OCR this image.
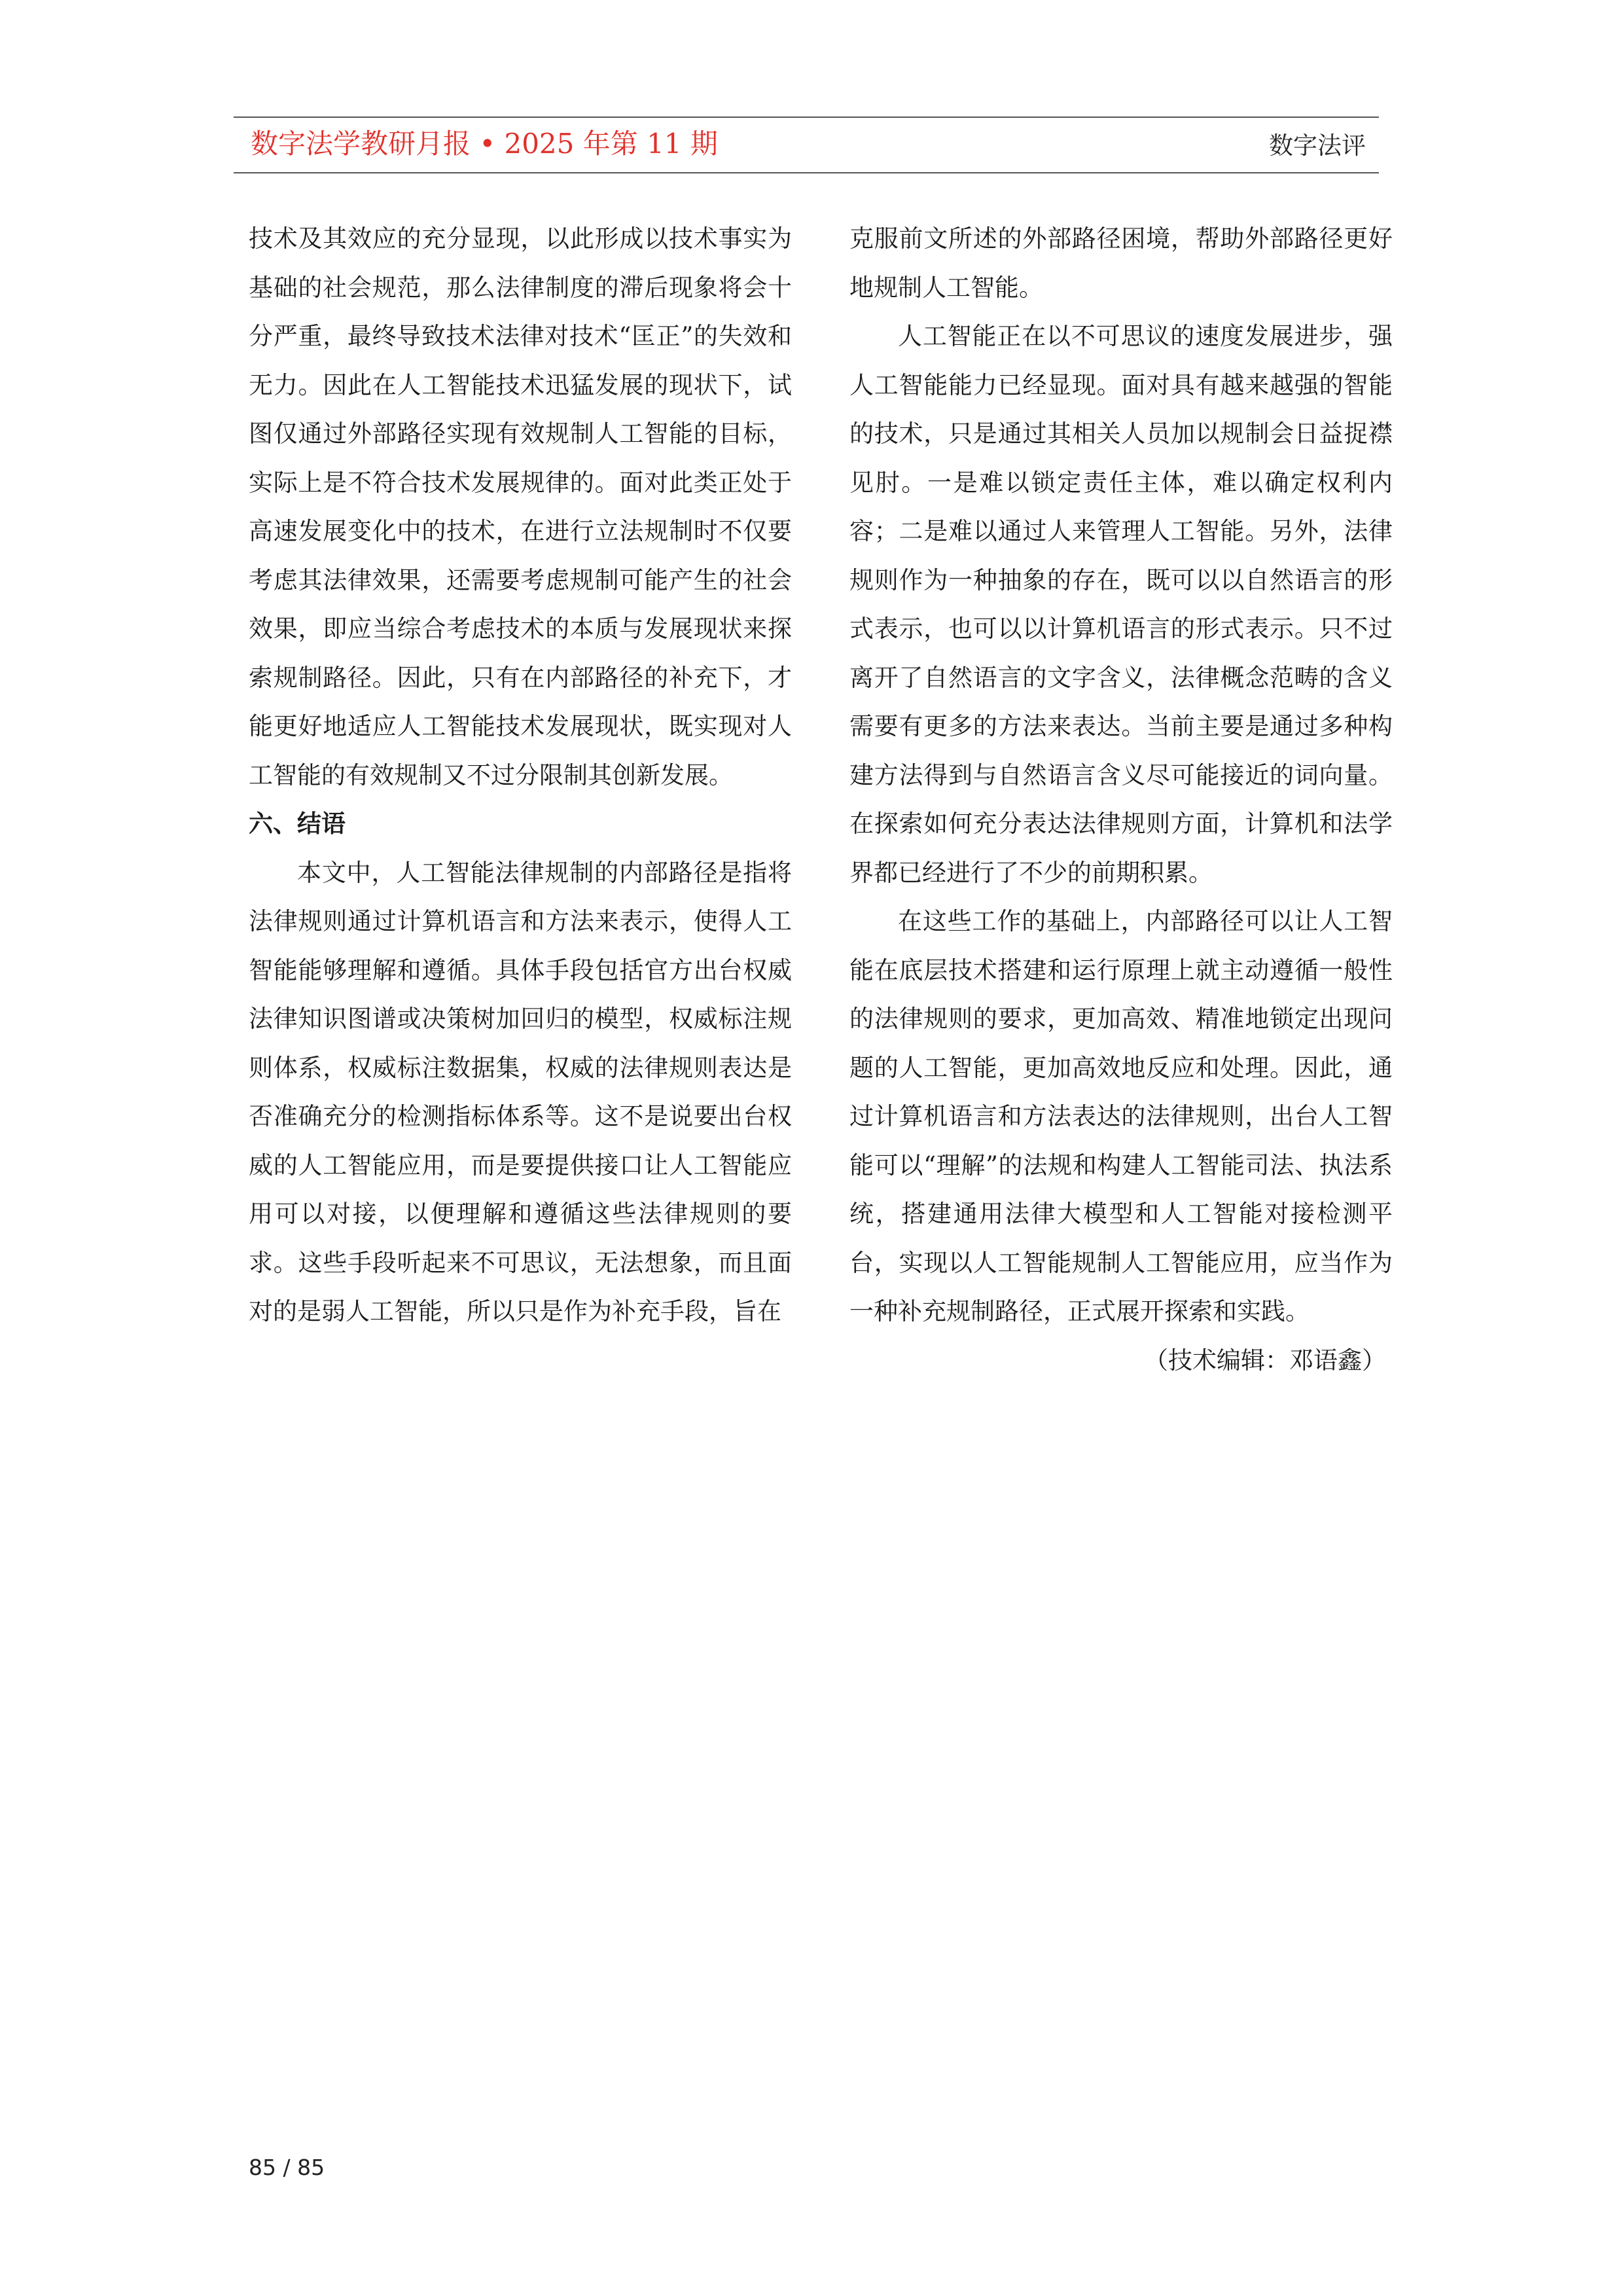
数字法学教研月报 • 2025 年第 11 期	数字法评

技术及其效应的充分显现，以此形成以技术事实为基础的社会规范，那么法律制度的滞后现象将会十分严重，最终导致技术法律对技术“匡正”的失效和无力。因此在人工智能技术迅猛发展的现状下，试图仅通过外部路径实现有效规制人工智能的目标，实际上是不符合技术发展规律的。面对此类正处于高速发展变化中的技术，在进行立法规制时不仅要考虑其法律效果，还需要考虑规制可能产生的社会效果，即应当综合考虑技术的本质与发展现状来探索规制路径。因此，只有在内部路径的补充下，才能更好地适应人工智能技术发展现状，既实现对人工智能的有效规制又不过分限制其创新发展。

六、结语

本文中，人工智能法律规制的内部路径是指将法律规则通过计算机语言和方法来表示，使得人工智能能够理解和遵循。具体手段包括官方出台权威法律知识图谱或决策树加回归的模型，权威标注规则体系，权威标注数据集，权威的法律规则表达是否准确充分的检测指标体系等。这不是说要出台权威的人工智能应用，而是要提供接口让人工智能应用可以对接，以便理解和遵循这些法律规则的要求。这些手段听起来不可思议，无法想象，而且面对的是弱人工智能，所以只是作为补充手段，旨在

克服前文所述的外部路径困境，帮助外部路径更好地规制人工智能。

人工智能正在以不可思议的速度发展进步，强人工智能能力已经显现。面对具有越来越强的智能的技术，只是通过其相关人员加以规制会日益捉襟见肘。一是难以锁定责任主体，难以确定权利内容；二是难以通过人来管理人工智能。另外，法律规则作为一种抽象的存在，既可以以自然语言的形式表示，也可以以计算机语言的形式表示。只不过离开了自然语言的文字含义，法律概念范畴的含义需要有更多的方法来表达。当前主要是通过多种构建方法得到与自然语言含义尽可能接近的词向量。在探索如何充分表达法律规则方面，计算机和法学界都已经进行了不少的前期积累。

在这些工作的基础上，内部路径可以让人工智能在底层技术搭建和运行原理上就主动遵循一般性的法律规则的要求，更加高效、精准地锁定出现问题的人工智能，更加高效地反应和处理。因此，通过计算机语言和方法表达的法律规则，出台人工智能可以“理解”的法规和构建人工智能司法、执法系统，搭建通用法律大模型和人工智能对接检测平台，实现以人工智能规制人工智能应用，应当作为一种补充规制路径，正式展开探索和实践。

（技术编辑：邓语鑫）

85 / 85
